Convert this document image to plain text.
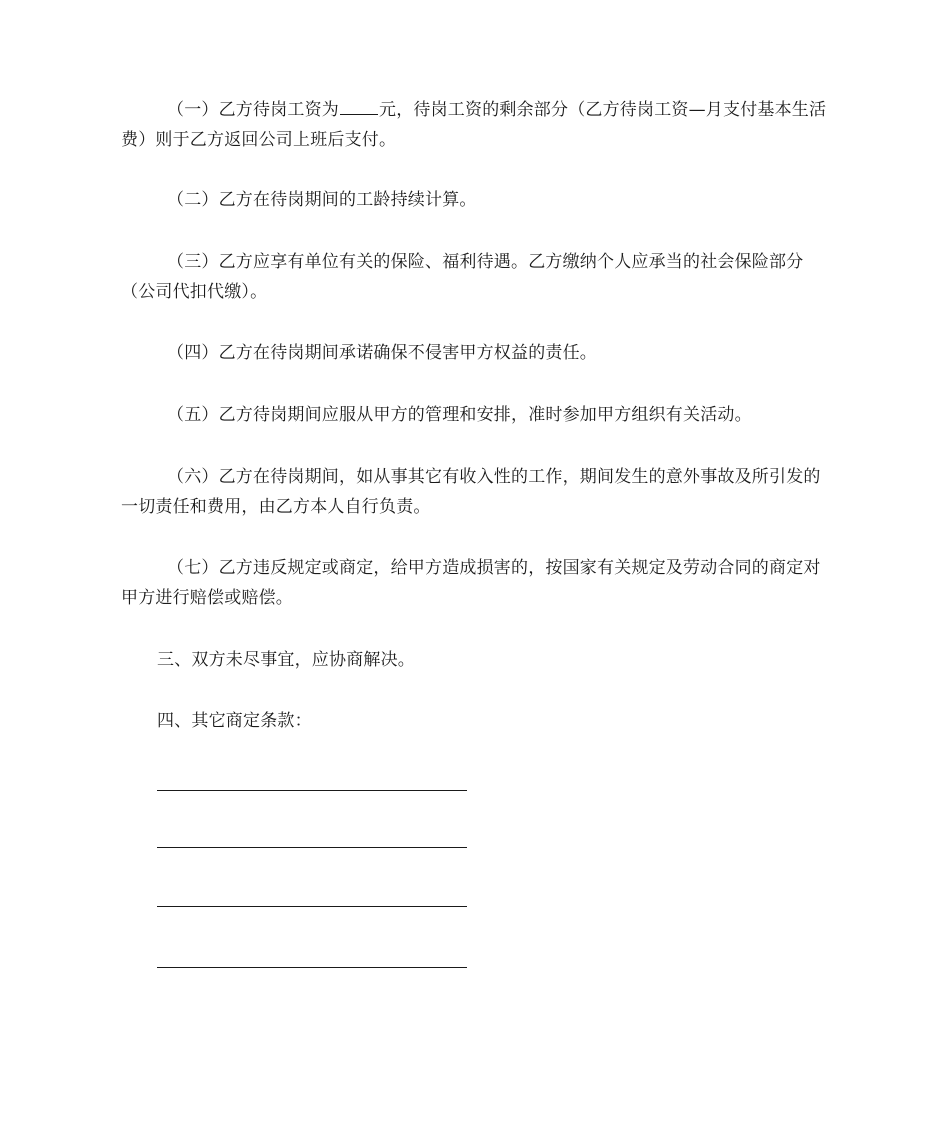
（一）乙方待岗工资为 元，待岗工资的剩余部分（乙方待岗工资—月支付基本生活费）则于乙方返回公司上班后支付。

（二）乙方在待岗期间的工龄持续计算。

（三）乙方应享有单位有关的保险、福利待遇。乙方缴纳个人应承当的社会保险部分（公司代扣代缴）。

（四）乙方在待岗期间承诺确保不侵害甲方权益的责任。

（五）乙方待岗期间应服从甲方的管理和安排，准时参加甲方组织有关活动。

（六）乙方在待岗期间，如从事其它有收入性的工作，期间发生的意外事故及所引发的一切责任和费用，由乙方本人自行负责。

（七）乙方违反规定或商定，给甲方造成损害的，按国家有关规定及劳动合同的商定对甲方进行赔偿或赔偿。

三、双方未尽事宜，应协商解决。

四、其它商定条款：
